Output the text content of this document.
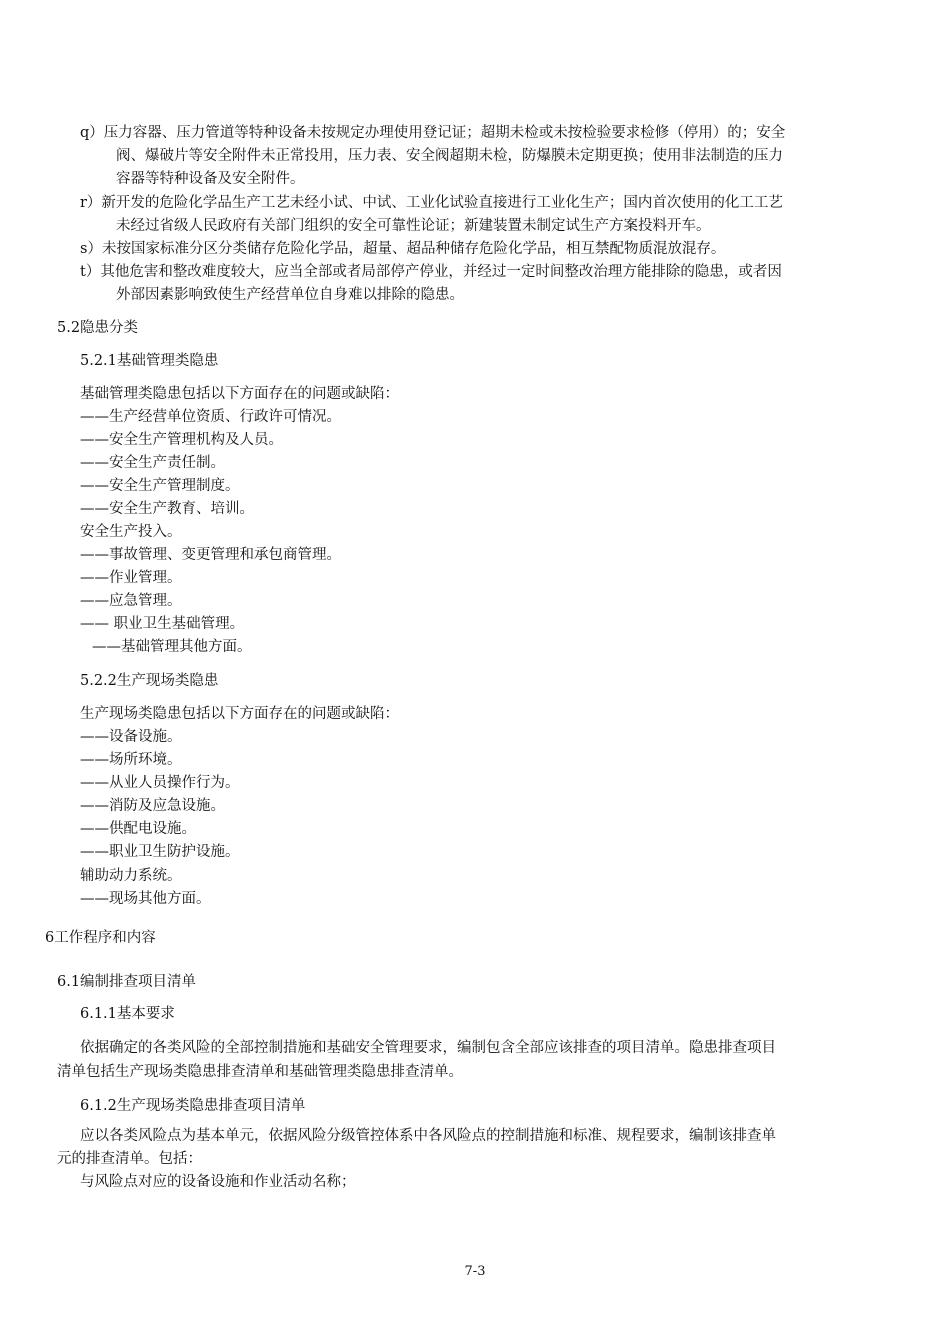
q）压力容器、压力管道等特种设备未按规定办理使用登记证；超期未检或未按检验要求检修（停用）的；安全
阀、爆破片等安全附件未正常投用，压力表、安全阀超期未检，防爆膜未定期更换；使用非法制造的压力
容器等特种设备及安全附件。
r）新开发的危险化学品生产工艺未经小试、中试、工业化试验直接进行工业化生产；国内首次使用的化工工艺
未经过省级人民政府有关部门组织的安全可靠性论证；新建装置未制定试生产方案投料开车。
s）未按国家标准分区分类储存危险化学品，超量、超品种储存危险化学品，相互禁配物质混放混存。
t）其他危害和整改难度较大，应当全部或者局部停产停业，并经过一定时间整改治理方能排除的隐患，或者因
外部因素影响致使生产经营单位自身难以排除的隐患。
5.2隐患分类
5.2.1基础管理类隐患
基础管理类隐患包括以下方面存在的问题或缺陷：
——生产经营单位资质、行政许可情况。
——安全生产管理机构及人员。
——安全生产责任制。
——安全生产管理制度。
——安全生产教育、培训。
安全生产投入。
——事故管理、变更管理和承包商管理。
——作业管理。
——应急管理。
—— 职业卫生基础管理。
——基础管理其他方面。
5.2.2生产现场类隐患
生产现场类隐患包括以下方面存在的问题或缺陷：
——设备设施。
——场所环境。
——从业人员操作行为。
——消防及应急设施。
——供配电设施。
——职业卫生防护设施。
辅助动力系统。
——现场其他方面。
6工作程序和内容
6.1编制排查项目清单
6.1.1基本要求
依据确定的各类风险的全部控制措施和基础安全管理要求，编制包含全部应该排查的项目清单。隐患排查项目
清单包括生产现场类隐患排查清单和基础管理类隐患排查清单。
6.1.2生产现场类隐患排查项目清单
应以各类风险点为基本单元，依据风险分级管控体系中各风险点的控制措施和标准、规程要求，编制该排查单
元的排查清单。包括：
与风险点对应的设备设施和作业活动名称；
7-3
